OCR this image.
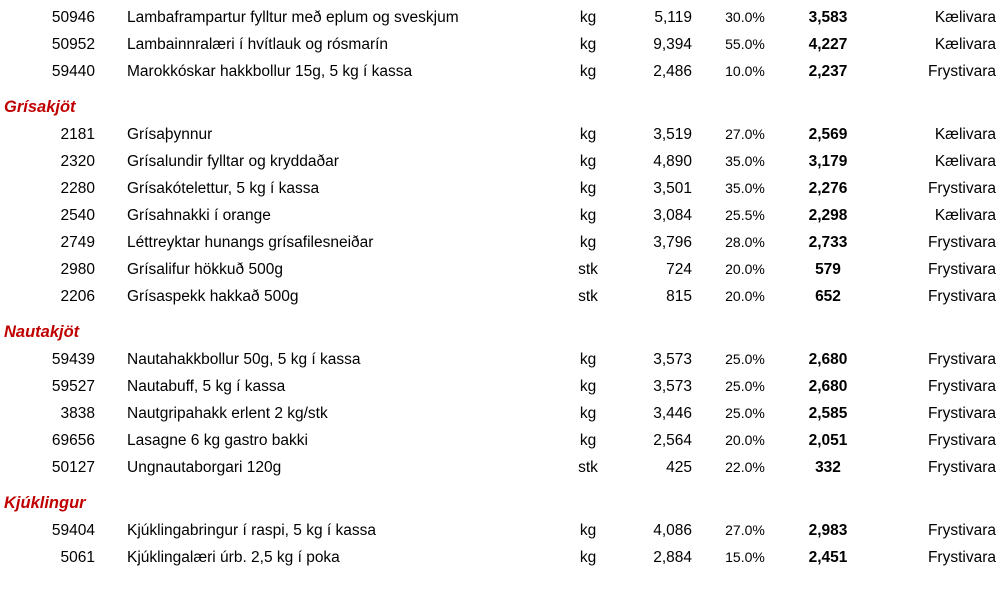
50946 Lambaframpartur fylltur með eplum og sveskjum	kg	5,119	30.0%	3,583	Kælivara
50952 Lambainnralæri í hvítlauk og rósmarín	kg	9,394	55.0%	4,227	Kælivara
59440 Marokkóskar hakkbollur 15g, 5 kg í kassa	kg	2,486	10.0%	2,237	Frystivara
Grísakjöt
2181 Grísaþynnur	kg	3,519	27.0%	2,569	Kælivara
2320 Grísalundir fylltar og kryddaðar	kg	4,890	35.0%	3,179	Kælivara
2280 Grísakótelettur, 5 kg í kassa	kg	3,501	35.0%	2,276	Frystivara
2540 Grísahnakki í orange	kg	3,084	25.5%	2,298	Kælivara
2749 Léttreyktar hunangs grísafilesneiðar	kg	3,796	28.0%	2,733	Frystivara
2980 Grísalifur hökkuð 500g	stk	724	20.0%	579	Frystivara
2206 Grísaspekk hakkað 500g	stk	815	20.0%	652	Frystivara
Nautakjöt
59439 Nautahakkbollur 50g, 5 kg í kassa	kg	3,573	25.0%	2,680	Frystivara
59527 Nautabuff, 5 kg í kassa	kg	3,573	25.0%	2,680	Frystivara
3838 Nautgripahakk erlent 2 kg/stk	kg	3,446	25.0%	2,585	Frystivara
69656 Lasagne 6 kg gastro bakki	kg	2,564	20.0%	2,051	Frystivara
50127 Ungnautaborgari 120g	stk	425	22.0%	332	Frystivara
Kjúklingur
59404 Kjúklingabringur í raspi, 5 kg í kassa	kg	4,086	27.0%	2,983	Frystivara
5061 Kjúklingalæri úrb. 2,5 kg í poka	kg	2,884	15.0%	2,451	Frystivara
